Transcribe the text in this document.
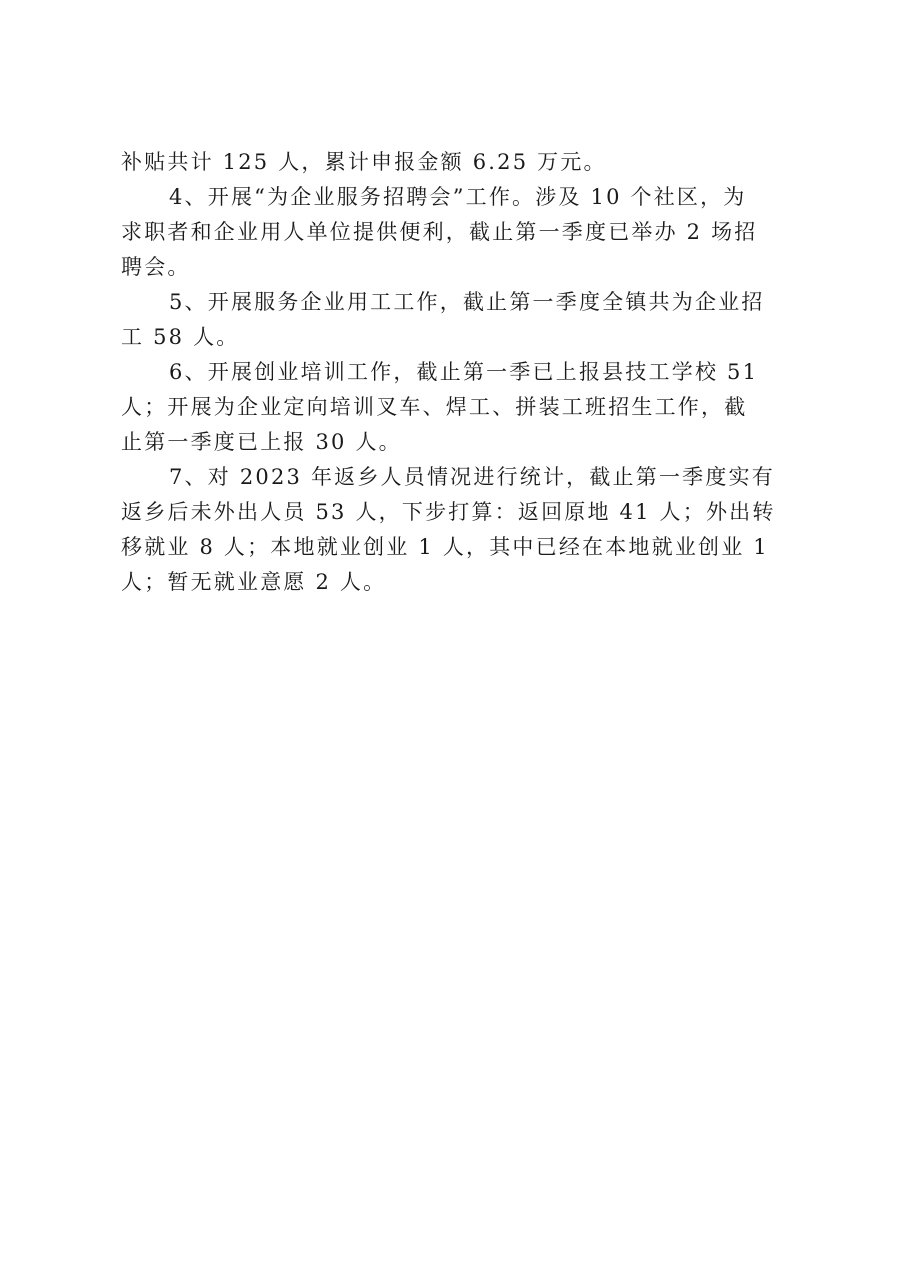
补贴共计 125 人，累计申报金额 6.25 万元。

4、开展“为企业服务招聘会”工作。涉及 10 个社区，为
求职者和企业用人单位提供便利，截止第一季度已举办 2 场招
聘会。

5、开展服务企业用工工作，截止第一季度全镇共为企业招
工 58 人。

6、开展创业培训工作，截止第一季已上报县技工学校 51
人；开展为企业定向培训叉车、焊工、拼装工班招生工作，截
止第一季度已上报 30 人。

7、对 2023 年返乡人员情况进行统计，截止第一季度实有
返乡后未外出人员 53 人，下步打算：返回原地 41 人；外出转
移就业 8 人；本地就业创业 1 人，其中已经在本地就业创业 1
人；暂无就业意愿 2 人。
